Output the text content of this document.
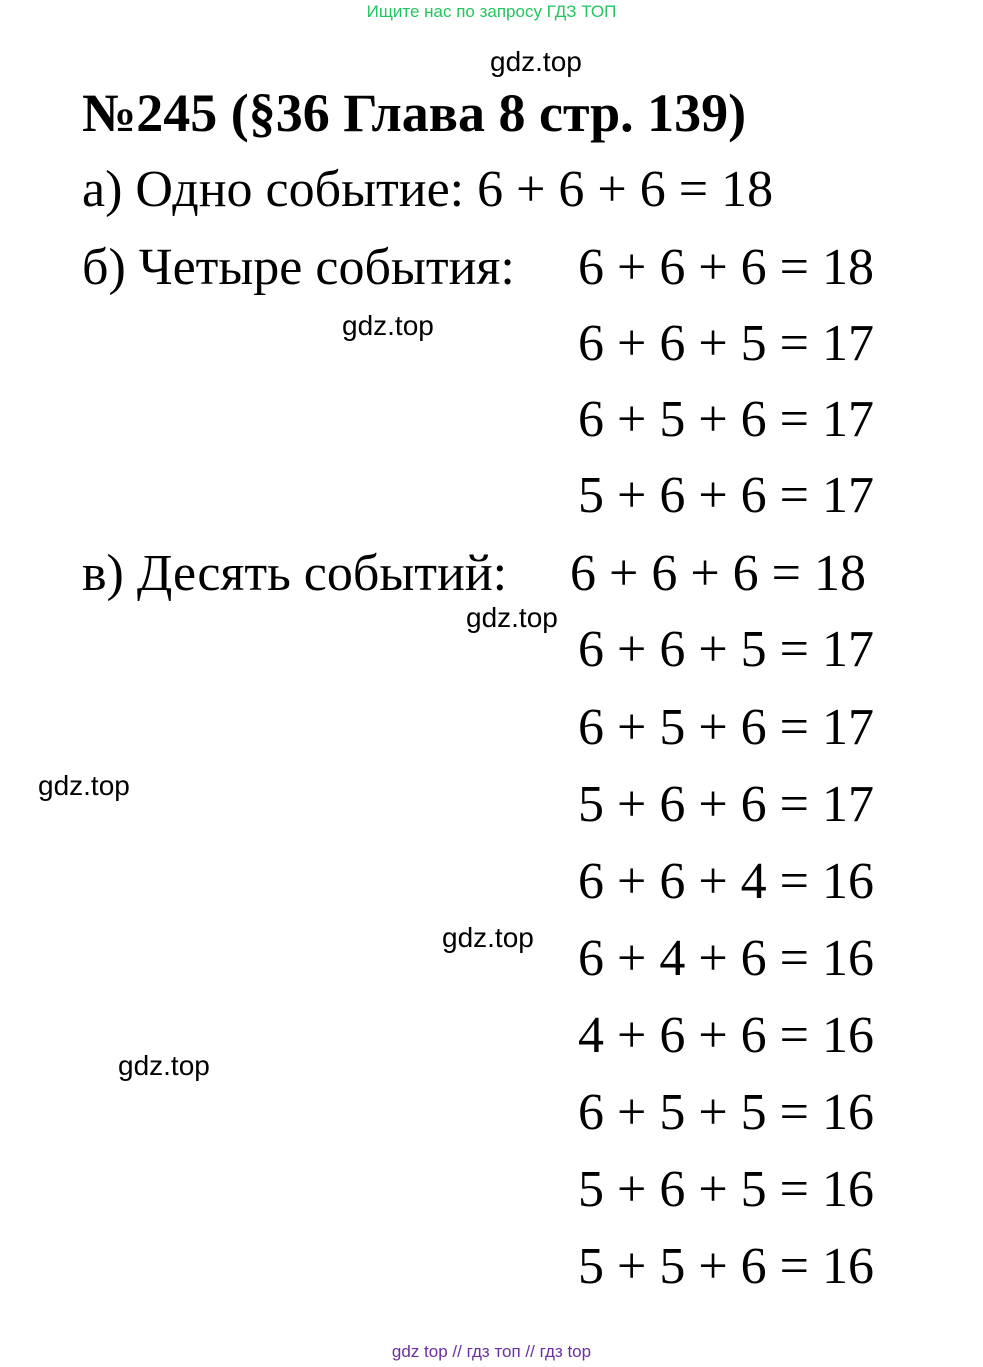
Ищите нас по запросу ГДЗ ТОП
gdz.top
gdz.top
gdz.top
gdz.top
gdz.top
gdz.top
№245 (§36 Глава 8 стр. 139)
а) Одно событие: 6 + 6 + 6 = 18
б) Четыре события: 6 + 6 + 6 = 18
6 + 6 + 5 = 17
6 + 5 + 6 = 17
5 + 6 + 6 = 17
в) Десять событий: 6 + 6 + 6 = 18
6 + 6 + 5 = 17
6 + 5 + 6 = 17
5 + 6 + 6 = 17
6 + 6 + 4 = 16
6 + 4 + 6 = 16
4 + 6 + 6 = 16
6 + 5 + 5 = 16
5 + 6 + 5 = 16
5 + 5 + 6 = 16
gdz top // гдз топ // гдз top
